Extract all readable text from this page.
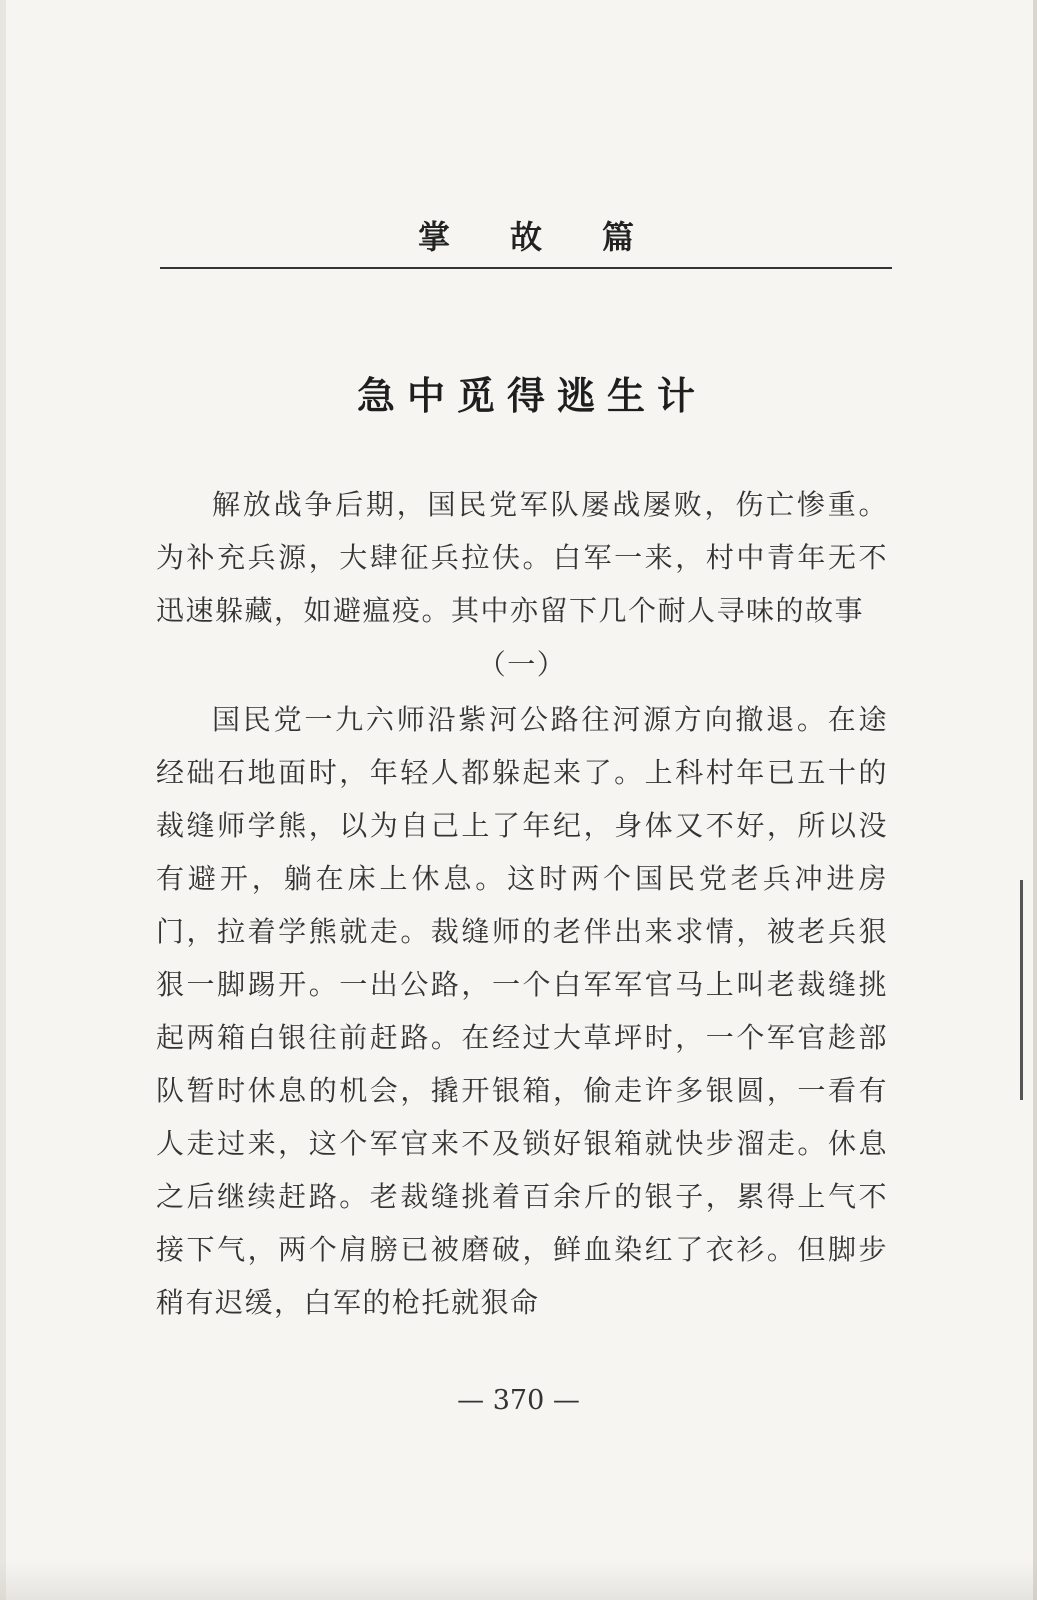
掌故篇
急中觅得逃生计

解放战争后期，国民党军队屡战屡败，伤亡惨重。为补充兵源，大肆征兵拉伕。白军一来，村中青年无不迅速躲藏，如避瘟疫。其中亦留下几个耐人寻味的故事

（一）

国民党一九六师沿紫河公路往河源方向撤退。在途经础石地面时，年轻人都躲起来了。上科村年已五十的裁缝师学熊，以为自己上了年纪，身体又不好，所以没有避开，躺在床上休息。这时两个国民党老兵冲进房门，拉着学熊就走。裁缝师的老伴出来求情，被老兵狠狠一脚踢开。一出公路，一个白军军官马上叫老裁缝挑起两箱白银往前赶路。在经过大草坪时，一个军官趁部队暂时休息的机会，撬开银箱，偷走许多银圆，一看有人走过来，这个军官来不及锁好银箱就快步溜走。休息之后继续赶路。老裁缝挑着百余斤的银子，累得上气不接下气，两个肩膀已被磨破，鲜血染红了衣衫。但脚步稍有迟缓，白军的枪托就狠命

— 370 —
